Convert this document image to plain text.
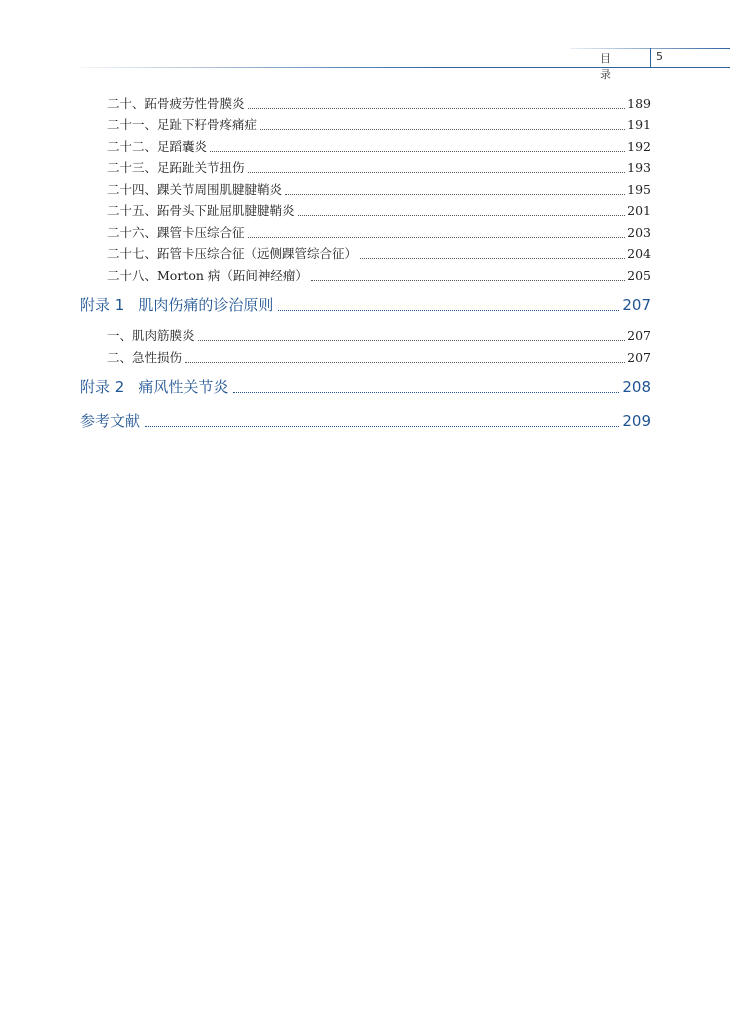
目　录
5
二十、跖骨疲劳性骨膜炎	189
二十一、足趾下籽骨疼痛症	191
二十二、足蹈囊炎	192
二十三、足跖趾关节扭伤	193
二十四、踝关节周围肌腱腱鞘炎	195
二十五、跖骨头下趾屈肌腱腱鞘炎	201
二十六、踝管卡压综合征	203
二十七、跖管卡压综合征（远侧踝管综合征）	204
二十八、Morton 病（跖间神经瘤）	205
附录 1 肌肉伤痛的诊治原则	207
一、肌肉筋膜炎	207
二、急性损伤	207
附录 2 痛风性关节炎	208
参考文献	209
